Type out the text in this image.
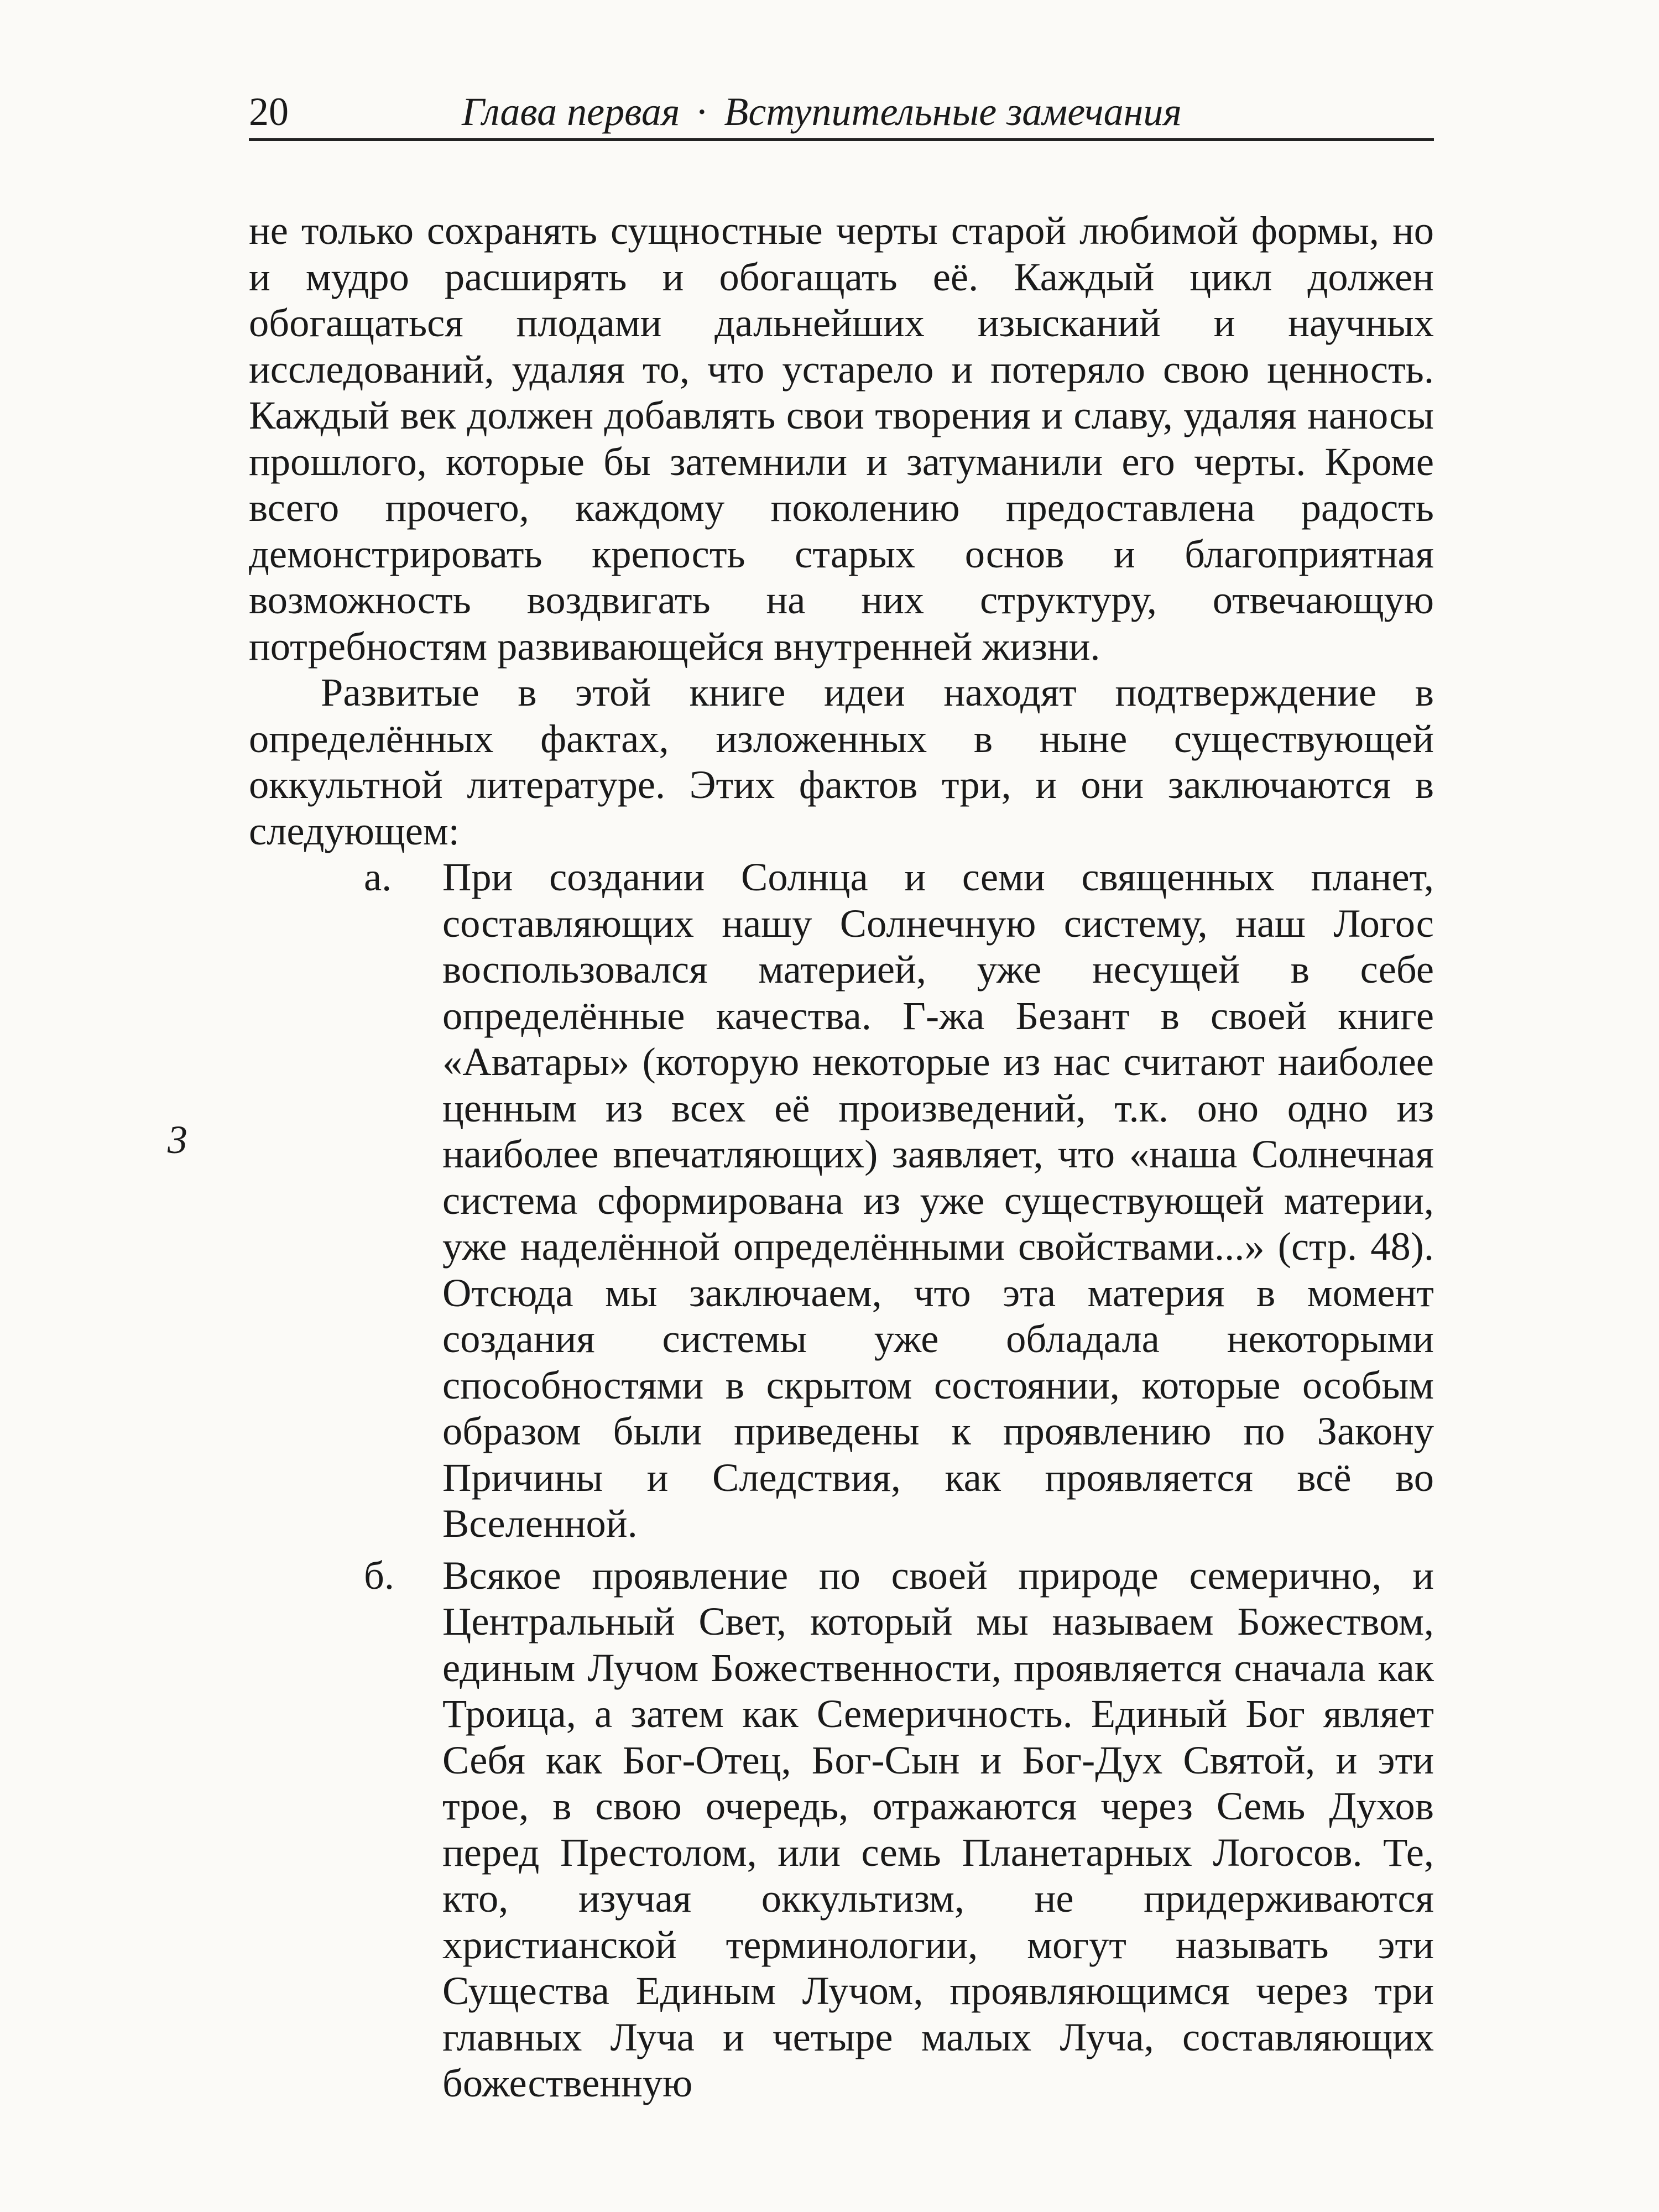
20	Глава первая · Вступительные замечания
3

не только сохранять сущностные черты старой любимой формы, но и мудро расширять и обогащать её. Каждый цикл должен обогащаться плодами дальнейших изысканий и научных исследований, удаляя то, что устарело и потеряло свою ценность. Каждый век должен добавлять свои творения и славу, удаляя наносы прошлого, которые бы затемнили и затуманили его черты. Кроме всего прочего, каждому поколению предоставлена радость демонстрировать крепость старых основ и благоприятная возможность воздвигать на них структуру, отвечающую потребностям развивающейся внутренней жизни.

Развитые в этой книге идеи находят подтверждение в определённых фактах, изложенных в ныне существующей оккультной литературе. Этих фактов три, и они заключаются в следующем:

а. При создании Солнца и семи священных планет, составляющих нашу Солнечную систему, наш Логос воспользовался материей, уже несущей в себе определённые качества. Г-жа Безант в своей книге «Аватары» (которую некоторые из нас считают наиболее ценным из всех её произведений, т.к. оно одно из наиболее впечатляющих) заявляет, что «наша Солнечная система сформирована из уже существующей материи, уже наделённой определёнными свойствами...» (стр. 48). Отсюда мы заключаем, что эта материя в момент создания системы уже обладала некоторыми способностями в скрытом состоянии, которые особым образом были приведены к проявлению по Закону Причины и Следствия, как проявляется всё во Вселенной.
б. Всякое проявление по своей природе семерично, и Центральный Свет, который мы называем Божеством, единым Лучом Божественности, проявляется сначала как Троица, а затем как Семеричность. Единый Бог являет Себя как Бог-Отец, Бог-Сын и Бог-Дух Святой, и эти трое, в свою очередь, отражаются через Семь Духов перед Престолом, или семь Планетарных Логосов. Те, кто, изучая оккультизм, не придерживаются христианской терминологии, могут называть эти Существа Единым Лучом, проявляющимся через три главных Луча и четыре малых Луча, составляющих божественную
